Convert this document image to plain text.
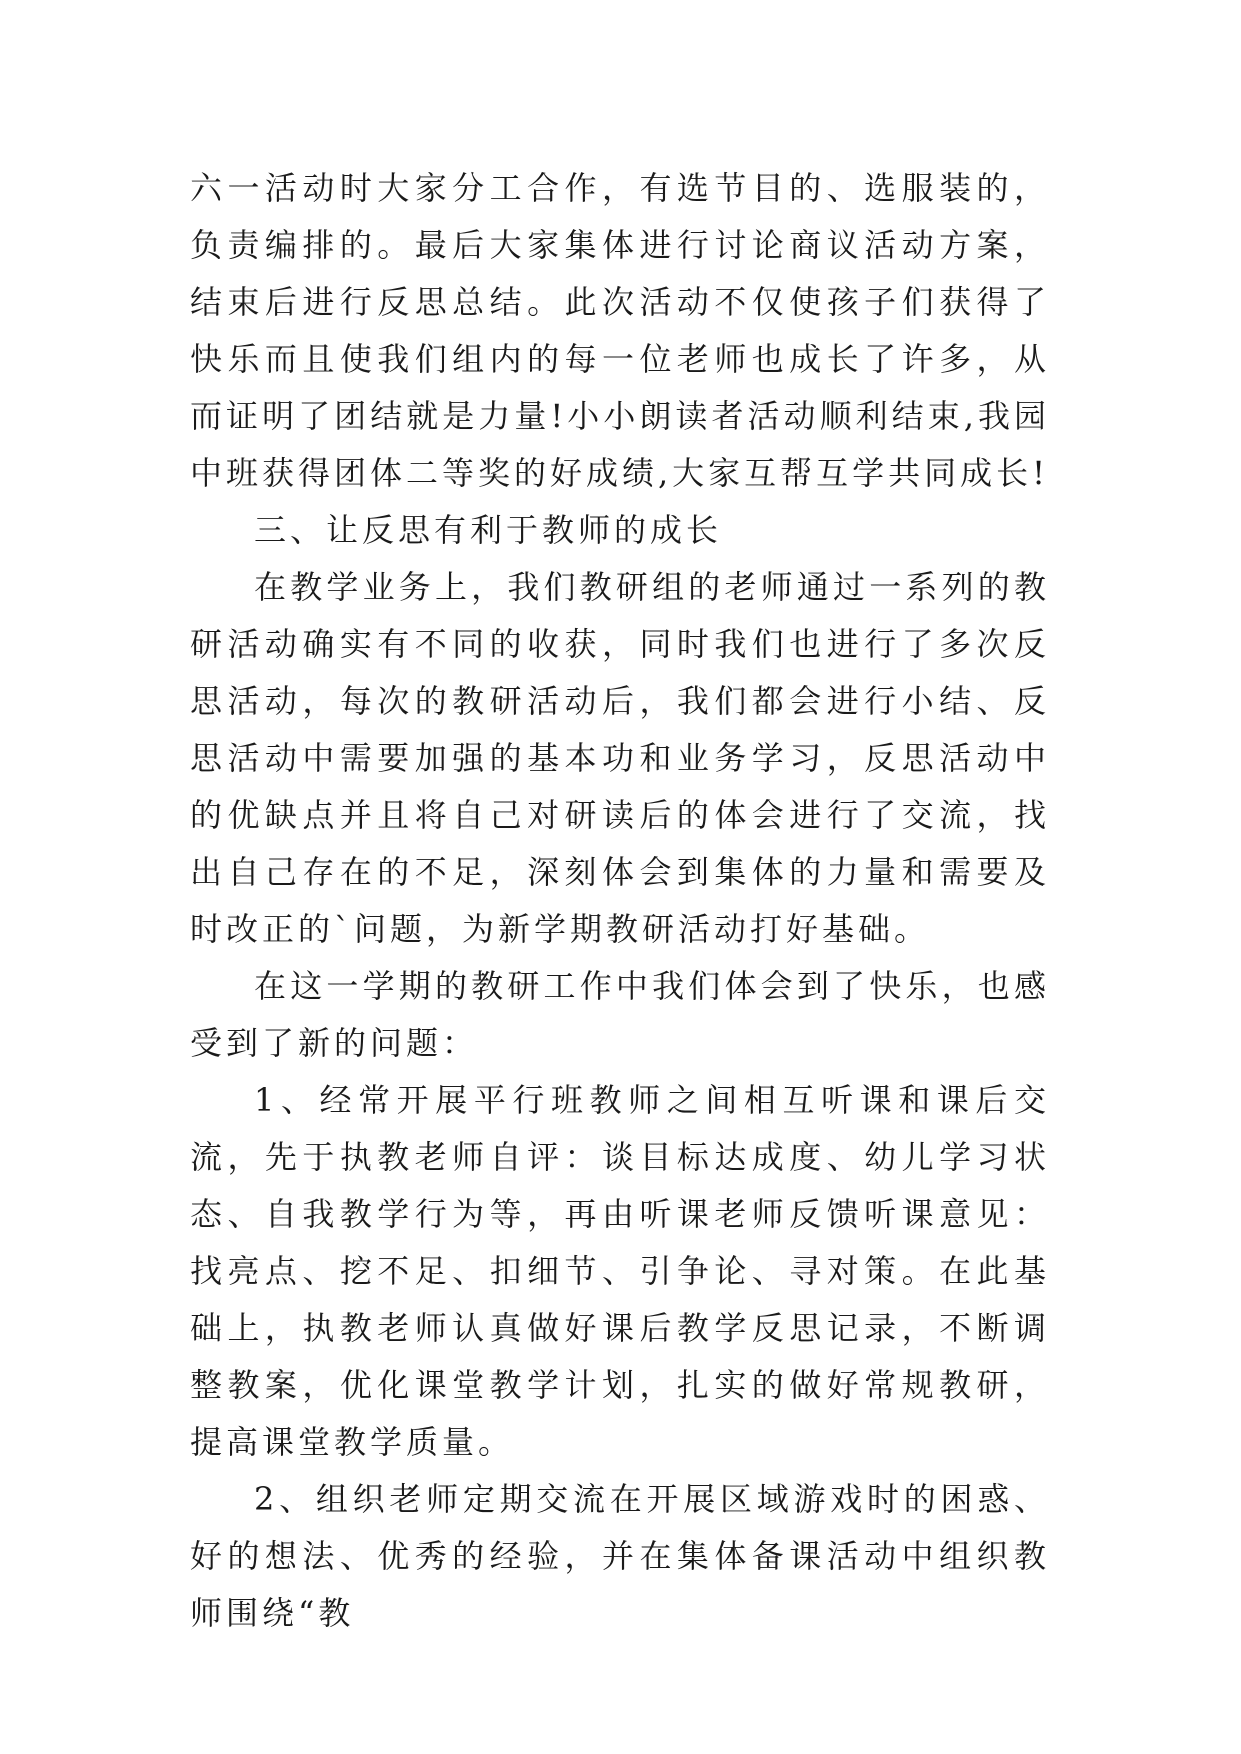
六一活动时大家分工合作，有选节目的、选服装的，负责编排的。最后大家集体进行讨论商议活动方案，结束后进行反思总结。此次活动不仅使孩子们获得了快乐而且使我们组内的每一位老师也成长了许多，从而证明了团结就是力量!小小朗读者活动顺利结束,我园中班获得团体二等奖的好成绩,大家互帮互学共同成长!

三、让反思有利于教师的成长

在教学业务上，我们教研组的老师通过一系列的教研活动确实有不同的收获，同时我们也进行了多次反思活动，每次的教研活动后，我们都会进行小结、反思活动中需要加强的基本功和业务学习，反思活动中的优缺点并且将自己对研读后的体会进行了交流，找出自己存在的不足，深刻体会到集体的力量和需要及时改正的`问题，为新学期教研活动打好基础。

在这一学期的教研工作中我们体会到了快乐，也感受到了新的问题：

1、经常开展平行班教师之间相互听课和课后交流，先于执教老师自评：谈目标达成度、幼儿学习状态、自我教学行为等，再由听课老师反馈听课意见：找亮点、挖不足、扣细节、引争论、寻对策。在此基础上，执教老师认真做好课后教学反思记录，不断调整教案，优化课堂教学计划，扎实的做好常规教研，提高课堂教学质量。

2、组织老师定期交流在开展区域游戏时的困惑、好的想法、优秀的经验，并在集体备课活动中组织教师围绕“教
